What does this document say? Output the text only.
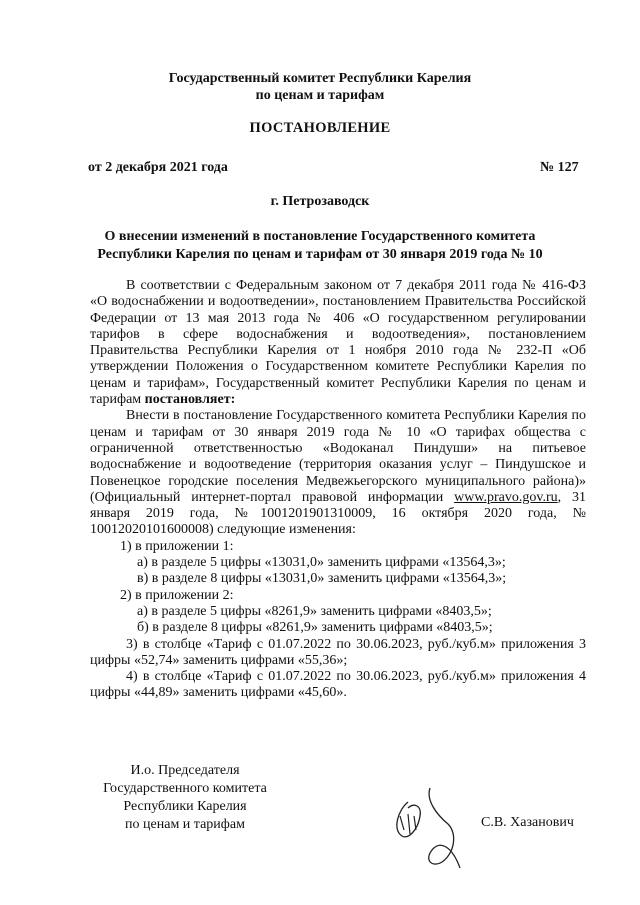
Государственный комитет Республики Карелия
по ценам и тарифам
ПОСТАНОВЛЕНИЕ
от 2 декабря 2021 года	№ 127
г. Петрозаводск
О внесении изменений в постановление Государственного комитета
Республики Карелия по ценам и тарифам от 30 января 2019 года № 10

В соответствии с Федеральным законом от 7 декабря 2011 года № 416-ФЗ «О водоснабжении и водоотведении», постановлением Правительства Российской Федерации от 13 мая 2013 года № 406 «О государственном регулировании тарифов в сфере водоснабжения и водоотведения», постановлением Правительства Республики Карелия от 1 ноября 2010 года № 232-П «Об утверждении Положения о Государственном комитете Республики Карелия по ценам и тарифам», Государственный комитет Республики Карелия по ценам и тарифам постановляет:

Внести в постановление Государственного комитета Республики Карелия по ценам и тарифам от 30 января 2019 года № 10 «О тарифах общества с ограниченной ответственностью «Водоканал Пиндуши» на питьевое водоснабжение и водоотведение (территория оказания услуг – Пиндушское и Повенецкое городские поселения Медвежьегорского муниципального района)» (Официальный интернет-портал правовой информации www.pravo.gov.ru, 31 января 2019 года, №1001201901310009, 16 октября 2020 года, № 10012020101600008) следующие изменения:

1) в приложении 1:

а) в разделе 5 цифры «13031,0» заменить цифрами «13564,3»;

в) в разделе 8 цифры «13031,0» заменить цифрами «13564,3»;

2) в приложении 2:

а) в разделе 5 цифры «8261,9» заменить цифрами «8403,5»;

б) в разделе 8 цифры «8261,9» заменить цифрами «8403,5»;

3) в столбце «Тариф с 01.07.2022 по 30.06.2023, руб./куб.м» приложения 3 цифры «52,74» заменить цифрами «55,36»;

4) в столбце «Тариф с 01.07.2022 по 30.06.2023, руб./куб.м» приложения 4 цифры «44,89» заменить цифрами «45,60».

И.о. Председателя
Государственного комитета
Республики Карелия
по ценам и тарифам	С.В. Хазанович
